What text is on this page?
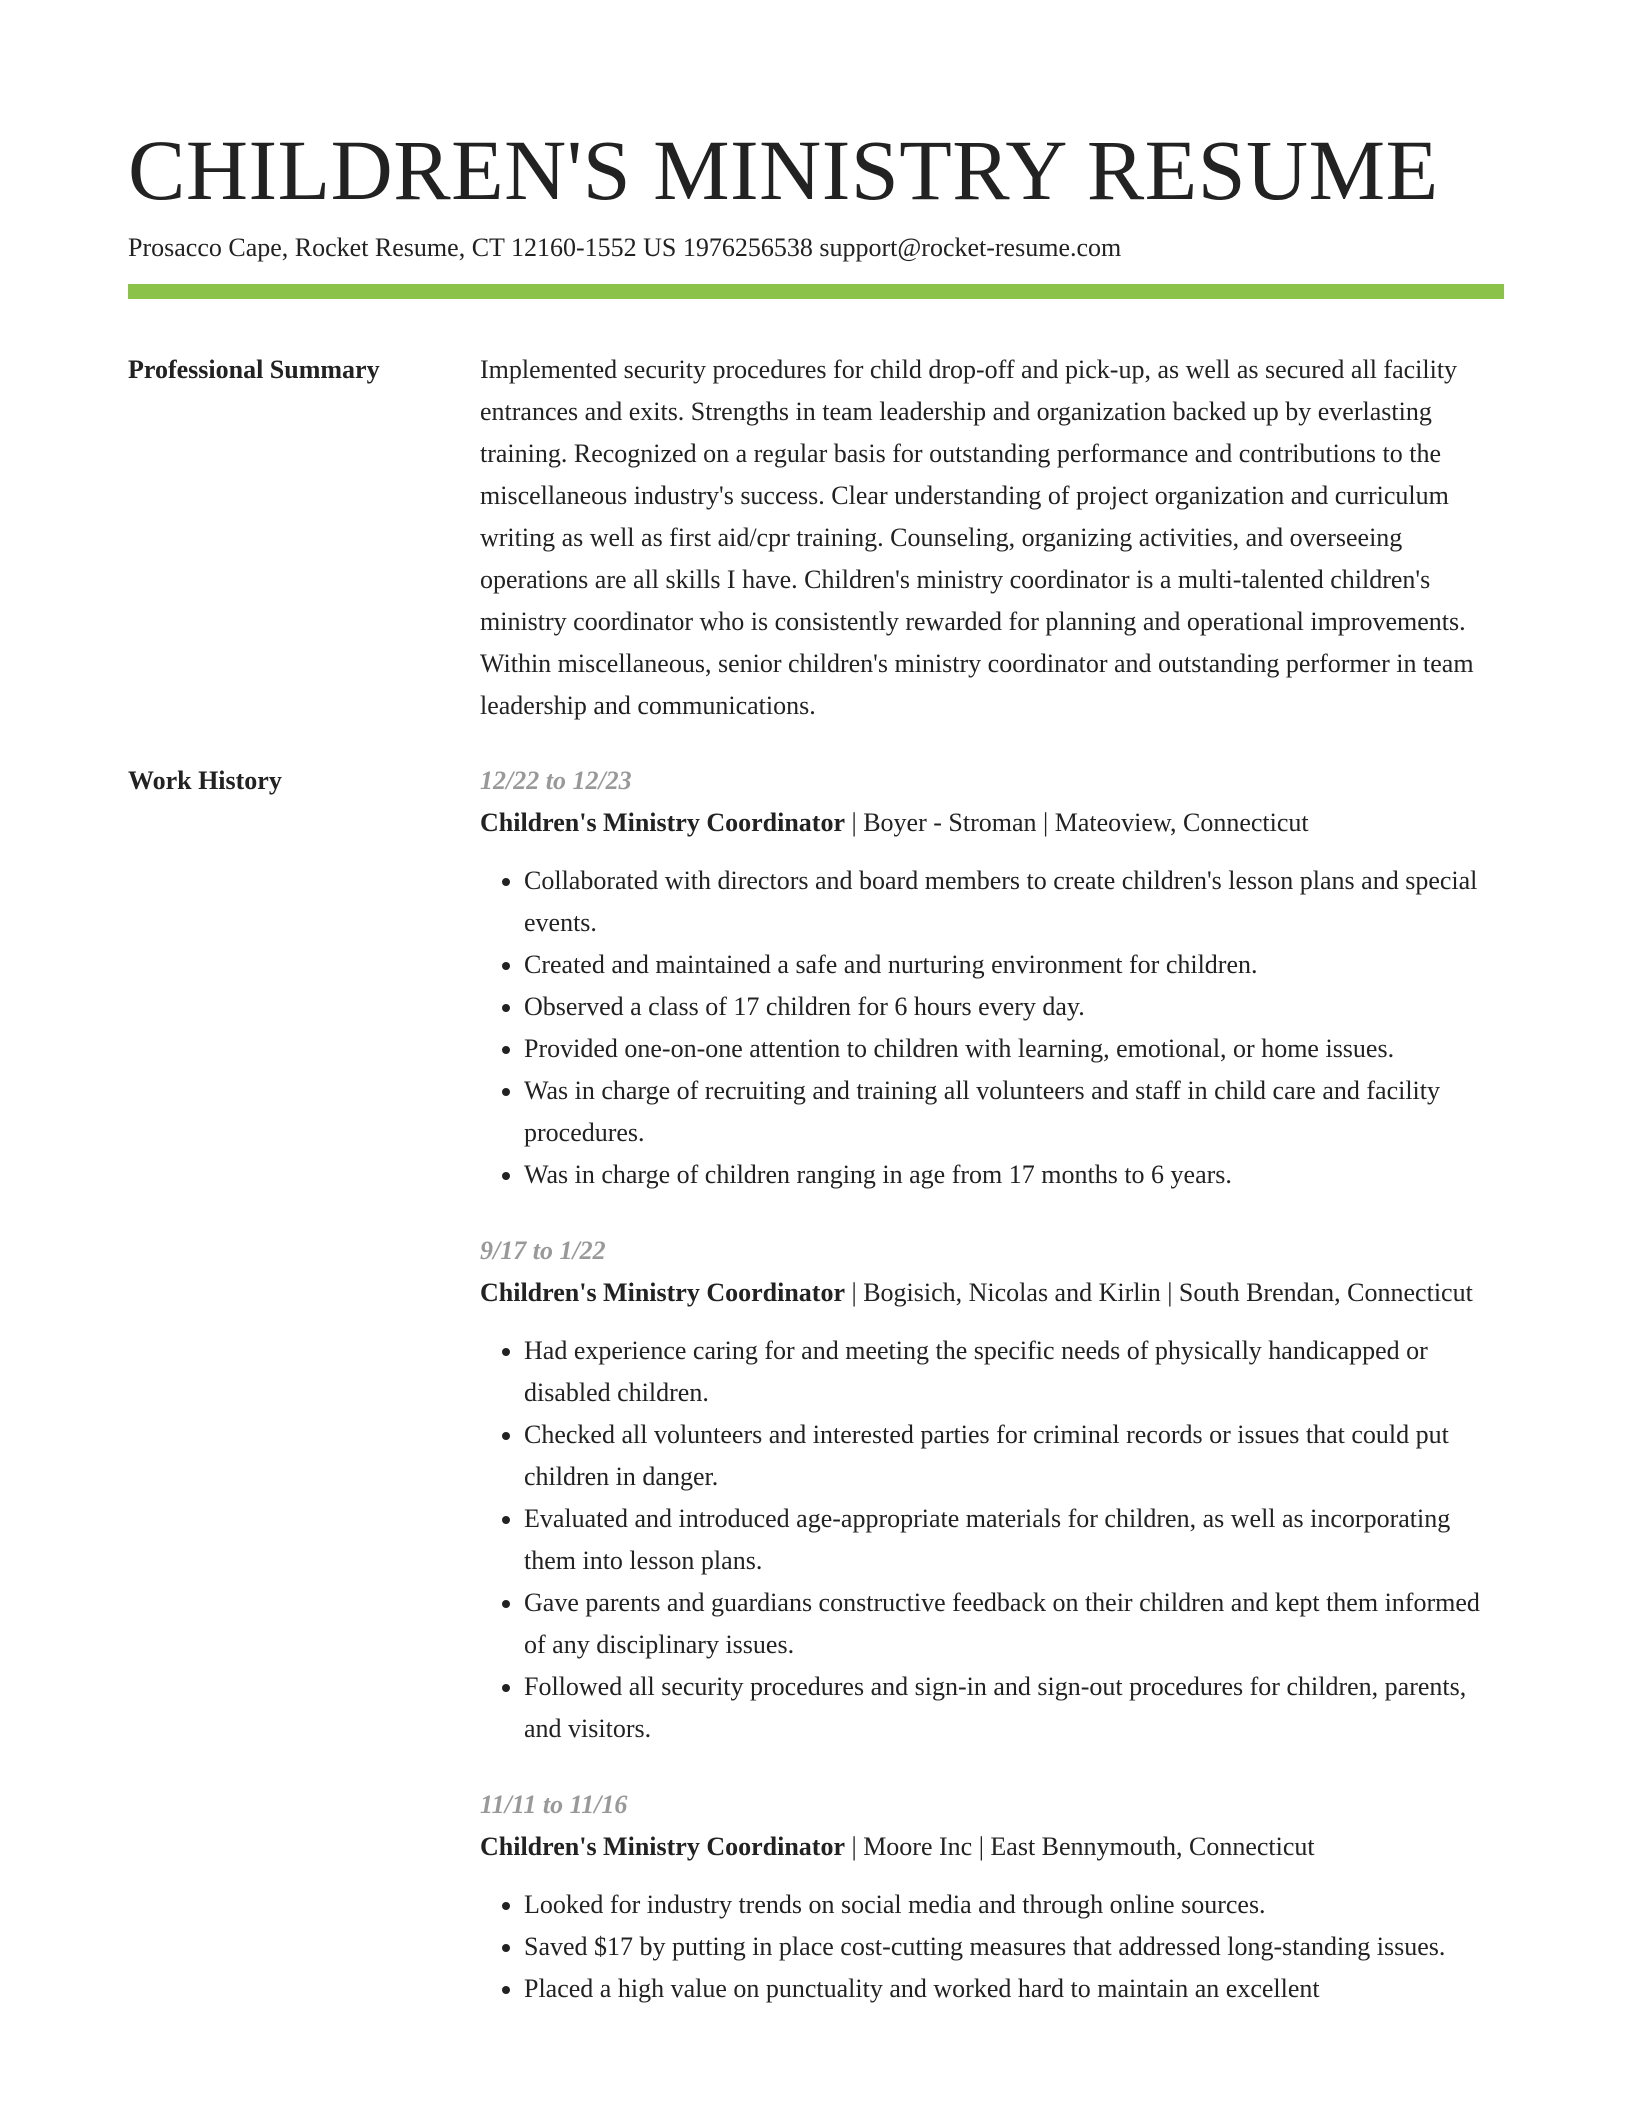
CHILDREN'S MINISTRY RESUME
Prosacco Cape, Rocket Resume, CT 12160-1552 US 1976256538 support@rocket-resume.com
Professional Summary	Implemented security procedures for child drop-off and pick-up, as well as secured all facility entrances and exits. Strengths in team leadership and organization backed up by everlasting training. Recognized on a regular basis for outstanding performance and contributions to the miscellaneous industry's success. Clear understanding of project organization and curriculum writing as well as first aid/cpr training. Counseling, organizing activities, and overseeing operations are all skills I have. Children's ministry coordinator is a multi-talented children's ministry coordinator who is consistently rewarded for planning and operational improvements. Within miscellaneous, senior children's ministry coordinator and outstanding performer in team leadership and communications.

Work History	12/22 to 12/23

Children's Ministry Coordinator | Boyer - Stroman | Mateoview, Connecticut

• Collaborated with directors and board members to create children's lesson plans and special events.
• Created and maintained a safe and nurturing environment for children.
• Observed a class of 17 children for 6 hours every day.
• Provided one-on-one attention to children with learning, emotional, or home issues.
• Was in charge of recruiting and training all volunteers and staff in child care and facility procedures.
• Was in charge of children ranging in age from 17 months to 6 years.
9/17 to 1/22

Children's Ministry Coordinator | Bogisich, Nicolas and Kirlin | South Brendan, Connecticut

• Had experience caring for and meeting the specific needs of physically handicapped or disabled children.
• Checked all volunteers and interested parties for criminal records or issues that could put children in danger.
• Evaluated and introduced age-appropriate materials for children, as well as incorporating them into lesson plans.
• Gave parents and guardians constructive feedback on their children and kept them informed of any disciplinary issues.
• Followed all security procedures and sign-in and sign-out procedures for children, parents, and visitors.
11/11 to 11/16

Children's Ministry Coordinator | Moore Inc | East Bennymouth, Connecticut

• Looked for industry trends on social media and through online sources.
• Saved $17 by putting in place cost-cutting measures that addressed long-standing issues.
• Placed a high value on punctuality and worked hard to maintain an excellent
